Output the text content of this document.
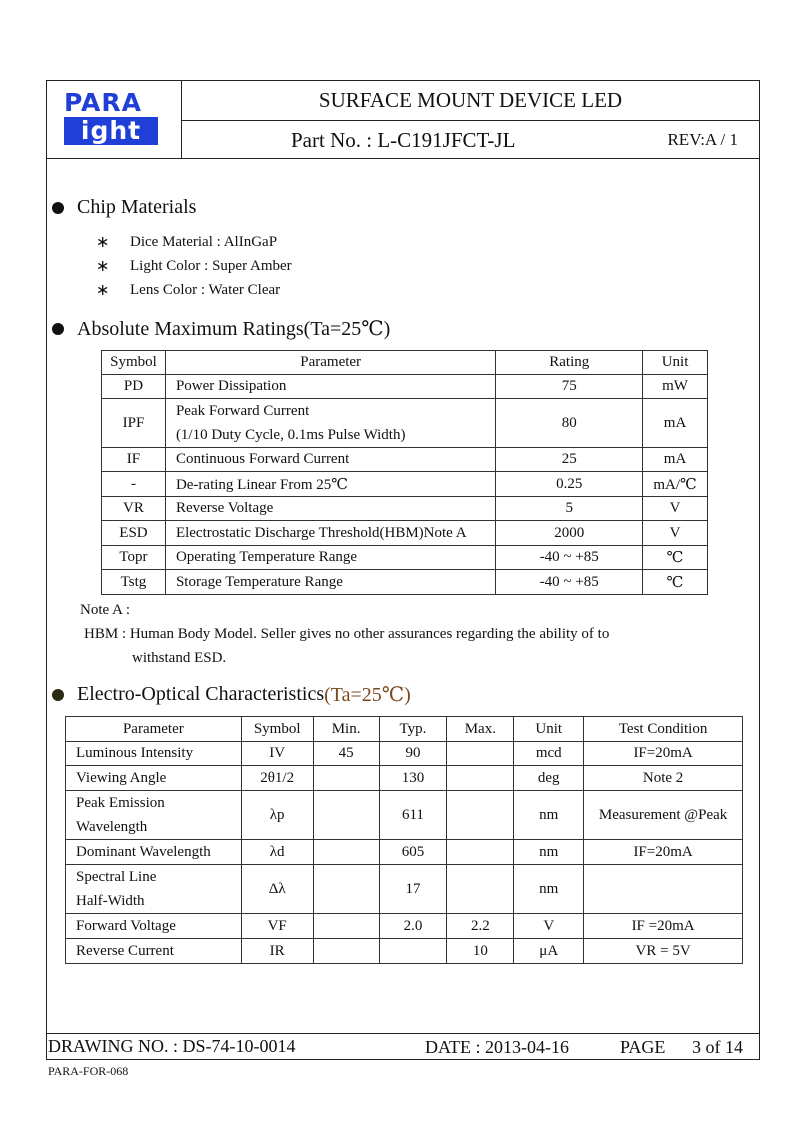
PARA
ight
SURFACE MOUNT DEVICE LED
Part No. : L-C191JFCT-JL	REV:A / 1
Chip Materials
∗	Dice Material : AlInGaP
∗	Light Color : Super Amber
∗	Lens Color : Water Clear
Absolute Maximum Ratings(Ta=25℃)
Symbol	Parameter	Rating	Unit
PD	Power Dissipation	75	mW
IPF	Peak Forward Current
(1/10 Duty Cycle, 0.1ms Pulse Width)	80	mA
IF	Continuous Forward Current	25	mA
-	De-rating Linear From 25℃	0.25	mA/℃
VR	Reverse Voltage	5	V
ESD	Electrostatic Discharge Threshold(HBM)Note A	2000	V
Topr	Operating Temperature Range	-40 ~ +85	℃
Tstg	Storage Temperature Range	-40 ~ +85	℃
Note A :
HBM : Human Body Model. Seller gives no other assurances regarding the ability of to
withstand ESD.
Electro-Optical Characteristics (Ta=25℃)
Parameter	Symbol	Min.	Typ.	Max.	Unit	Test Condition
Luminous Intensity	IV	45	90		mcd	IF=20mA
Viewing Angle	2θ1/2		130		deg	Note 2

Peak Emission
Wavelength	λp		611		nm	Measurement @Peak
Dominant Wavelength	λd		605		nm	IF=20mA

Spectral Line
Half-Width	Δλ		17		nm	
Forward Voltage	VF		2.0	2.2	V	IF =20mA
Reverse Current	IR			10	μA	VR = 5V
DRAWING NO. : DS-74-10-0014	DATE : 2013-04-16	PAGE 3 of 14
PARA-FOR-068
